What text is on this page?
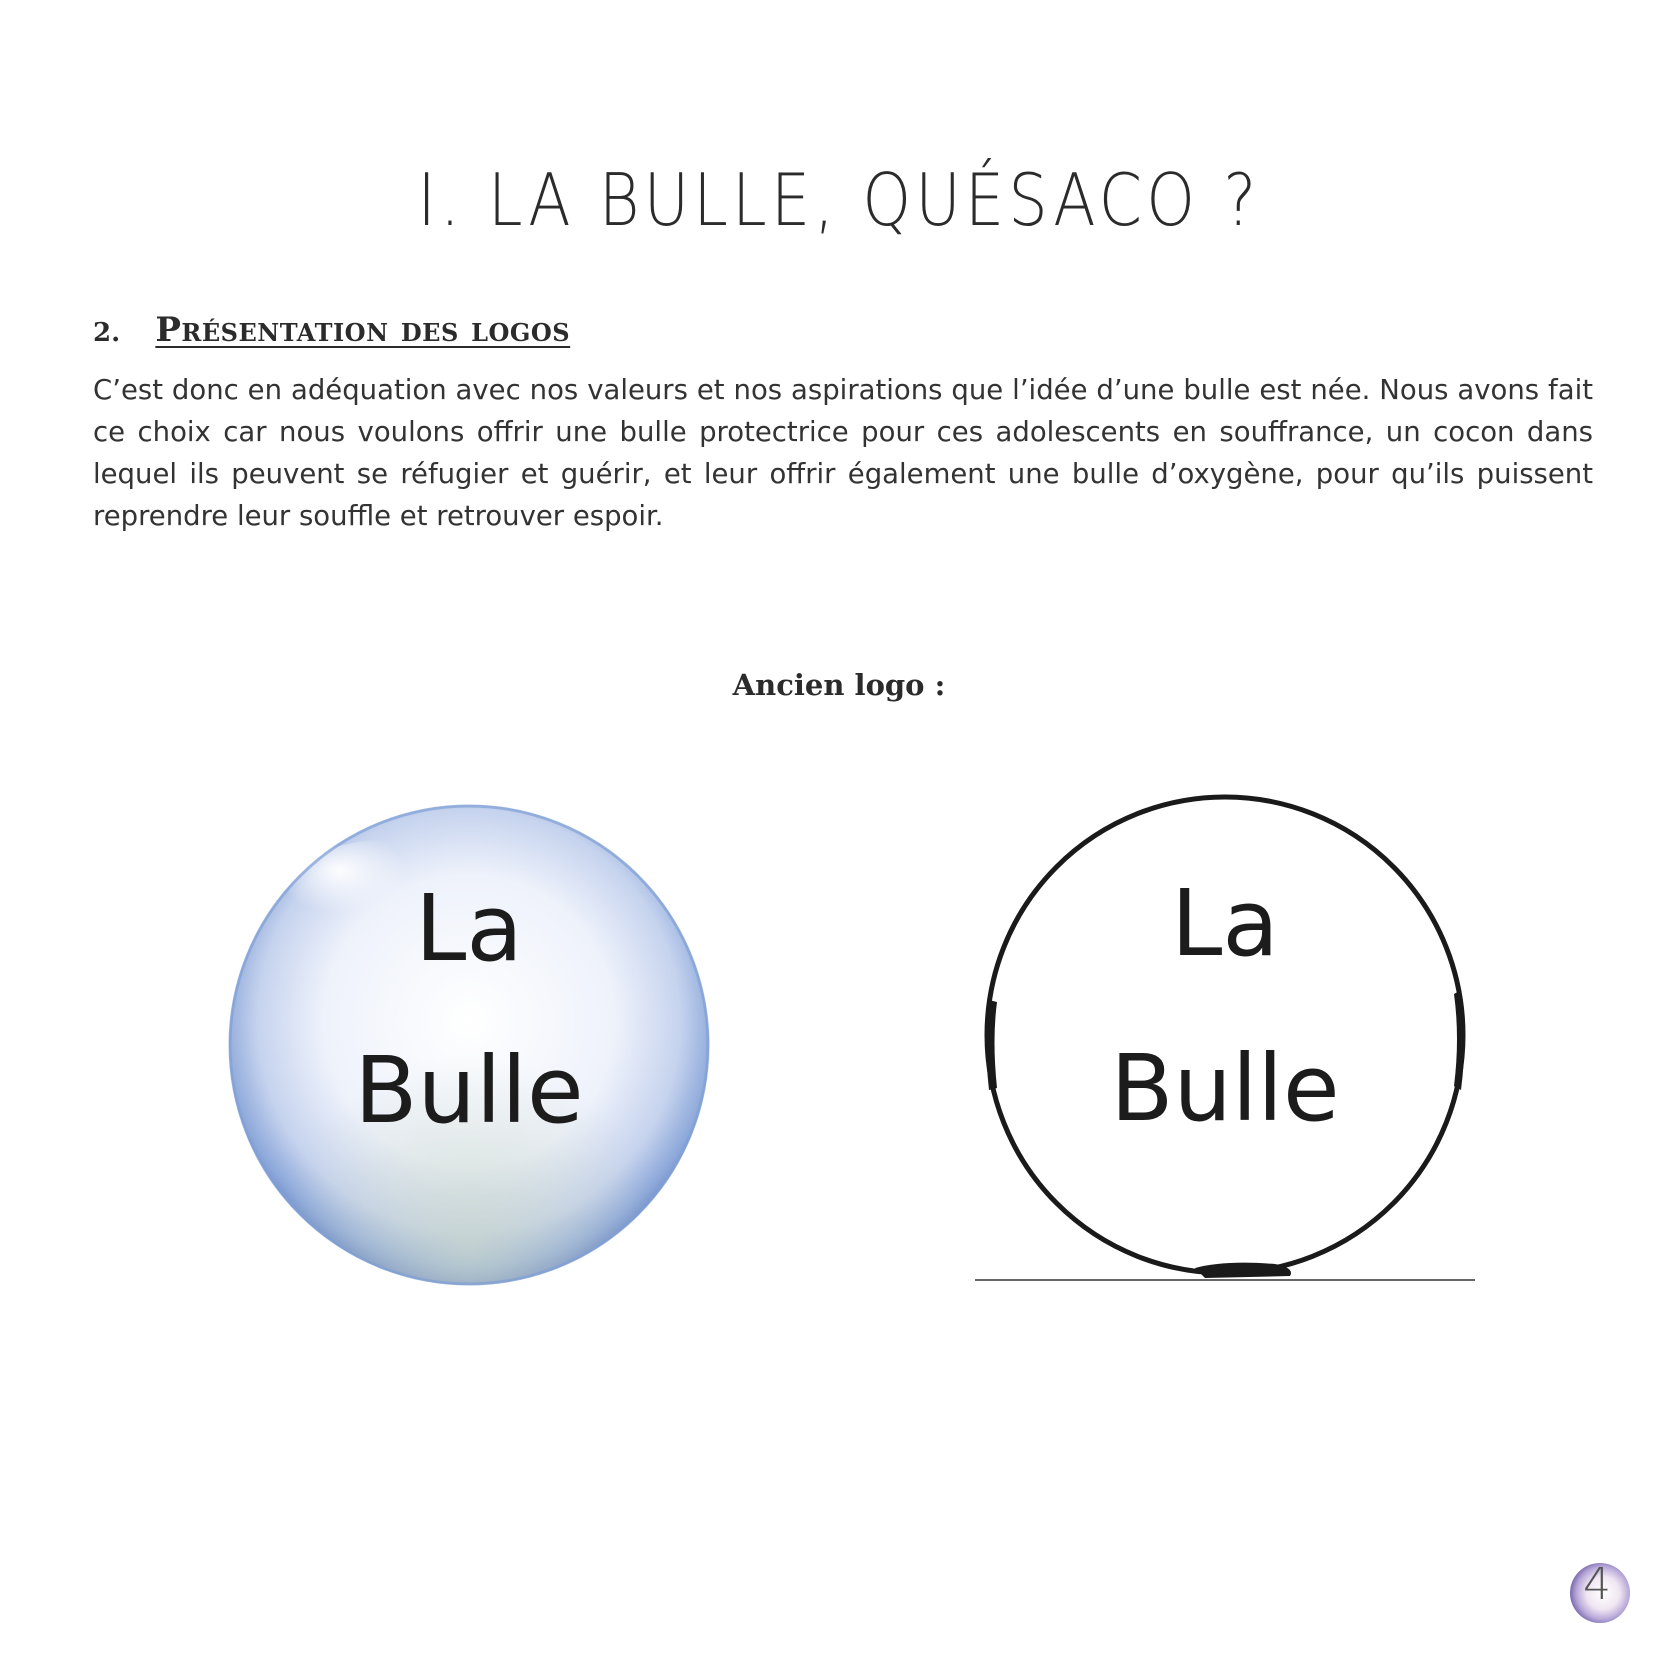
I. LA BULLE, QUÉSACO ?
2. Présentation des logos

C’est donc en adéquation avec nos valeurs et nos aspirations que l’idée d’une bulle est née. Nous avons fait ce choix car nous voulons offrir une bulle protectrice pour ces adolescents en souffrance, un cocon dans lequel ils peuvent se réfugier et guérir, et leur offrir également une bulle d’oxygène, pour qu’ils puissent reprendre leur souffle et retrouver espoir.

Ancien logo :

La
Bulle
La
Bulle
4
